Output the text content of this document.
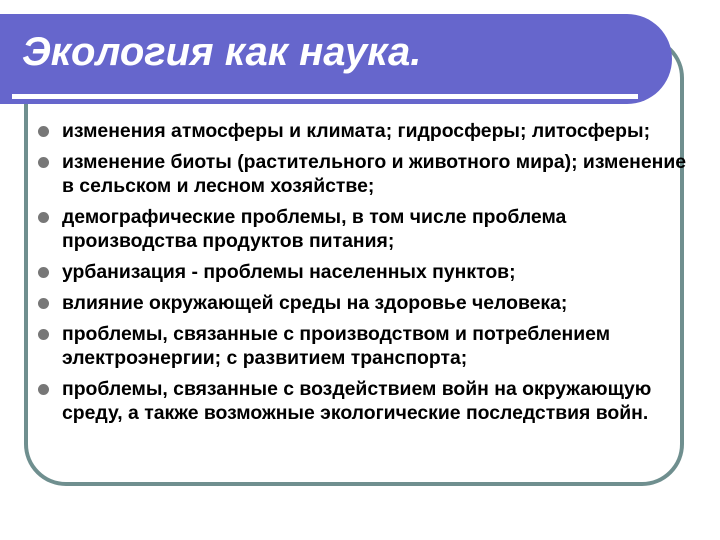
Экология как наука.
изменения атмосферы и климата; гидросферы; литосферы;
изменение биоты (растительного и животного мира); изменение в сельском и лесном хозяйстве;
демографические проблемы, в том числе проблема производства продуктов питания;
урбанизация - проблемы населенных пунктов;
влияние окружающей среды на здоровье человека;
проблемы, связанные с производством и потреблением электроэнергии; с развитием транспорта;
проблемы, связанные с воздействием войн на окружающую среду, а также возможные экологические последствия войн.
